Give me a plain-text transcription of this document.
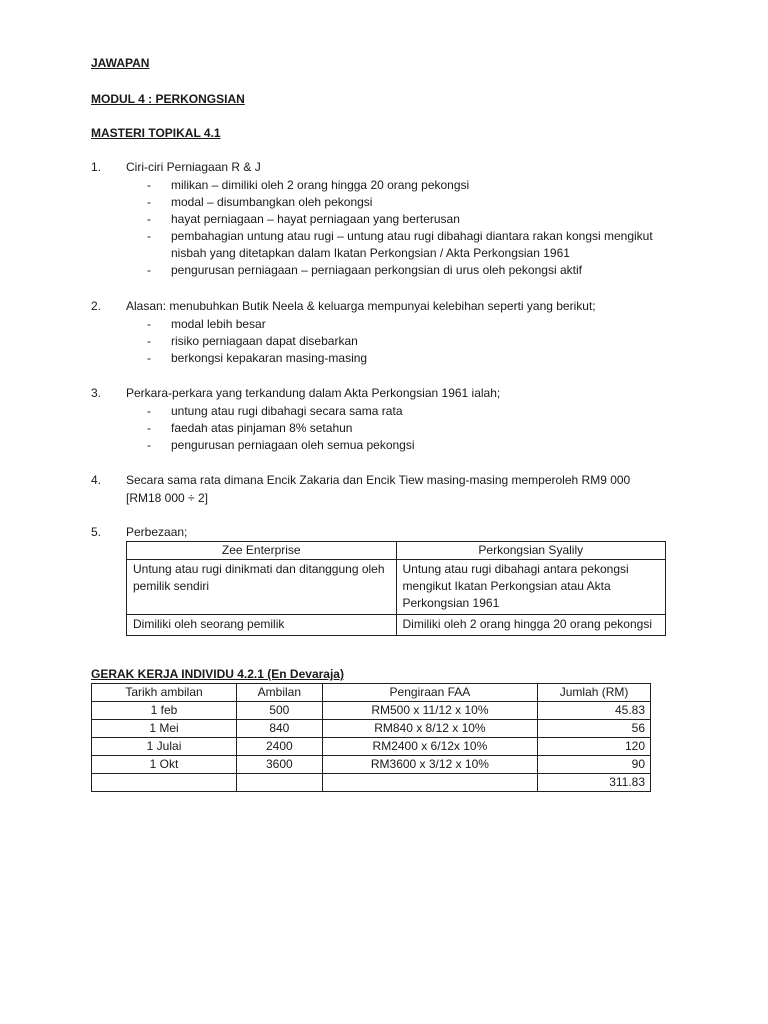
JAWAPAN
MODUL 4 : PERKONGSIAN
MASTERI TOPIKAL 4.1
1. Ciri-ciri Perniagaan R & J
- milikan – dimiliki oleh 2 orang hingga 20 orang pekongsi
- modal – disumbangkan oleh pekongsi
- hayat perniagaan – hayat perniagaan yang berterusan
- pembahagian untung atau rugi – untung atau rugi dibahagi diantara rakan kongsi mengikut nisbah yang ditetapkan dalam Ikatan Perkongsian / Akta Perkongsian 1961
- pengurusan perniagaan – perniagaan perkongsian di urus oleh pekongsi aktif
2. Alasan: menubuhkan Butik Neela & keluarga mempunyai kelebihan seperti yang berikut;
- modal lebih besar
- risiko perniagaan dapat disebarkan
- berkongsi kepakaran masing-masing
3. Perkara-perkara yang terkandung dalam Akta Perkongsian 1961 ialah;
- untung atau rugi dibahagi secara sama rata
- faedah atas pinjaman 8% setahun
- pengurusan perniagaan oleh semua pekongsi
4. Secara sama rata dimana Encik Zakaria dan Encik Tiew masing-masing memperoleh RM9 000
[RM18 000 ÷ 2]
5. Perbezaan;
Zee Enterprise	Perkongsian Syalily
Untung atau rugi dinikmati dan ditanggung oleh pemilik sendiri	Untung atau rugi dibahagi antara pekongsi mengikut Ikatan Perkongsian atau Akta Perkongsian 1961
Dimiliki oleh seorang pemilik	Dimiliki oleh 2 orang hingga 20 orang pekongsi
GERAK KERJA INDIVIDU 4.2.1 (En Devaraja)
Tarikh ambilan	Ambilan	Pengiraan FAA	Jumlah (RM)
1 feb	500	RM500 x 11/12 x 10%	45.83
1 Mei	840	RM840 x 8/12 x 10%	56
1 Julai	2400	RM2400 x 6/12x 10%	120
1 Okt	3600	RM3600 x 3/12 x 10%	90
			311.83
